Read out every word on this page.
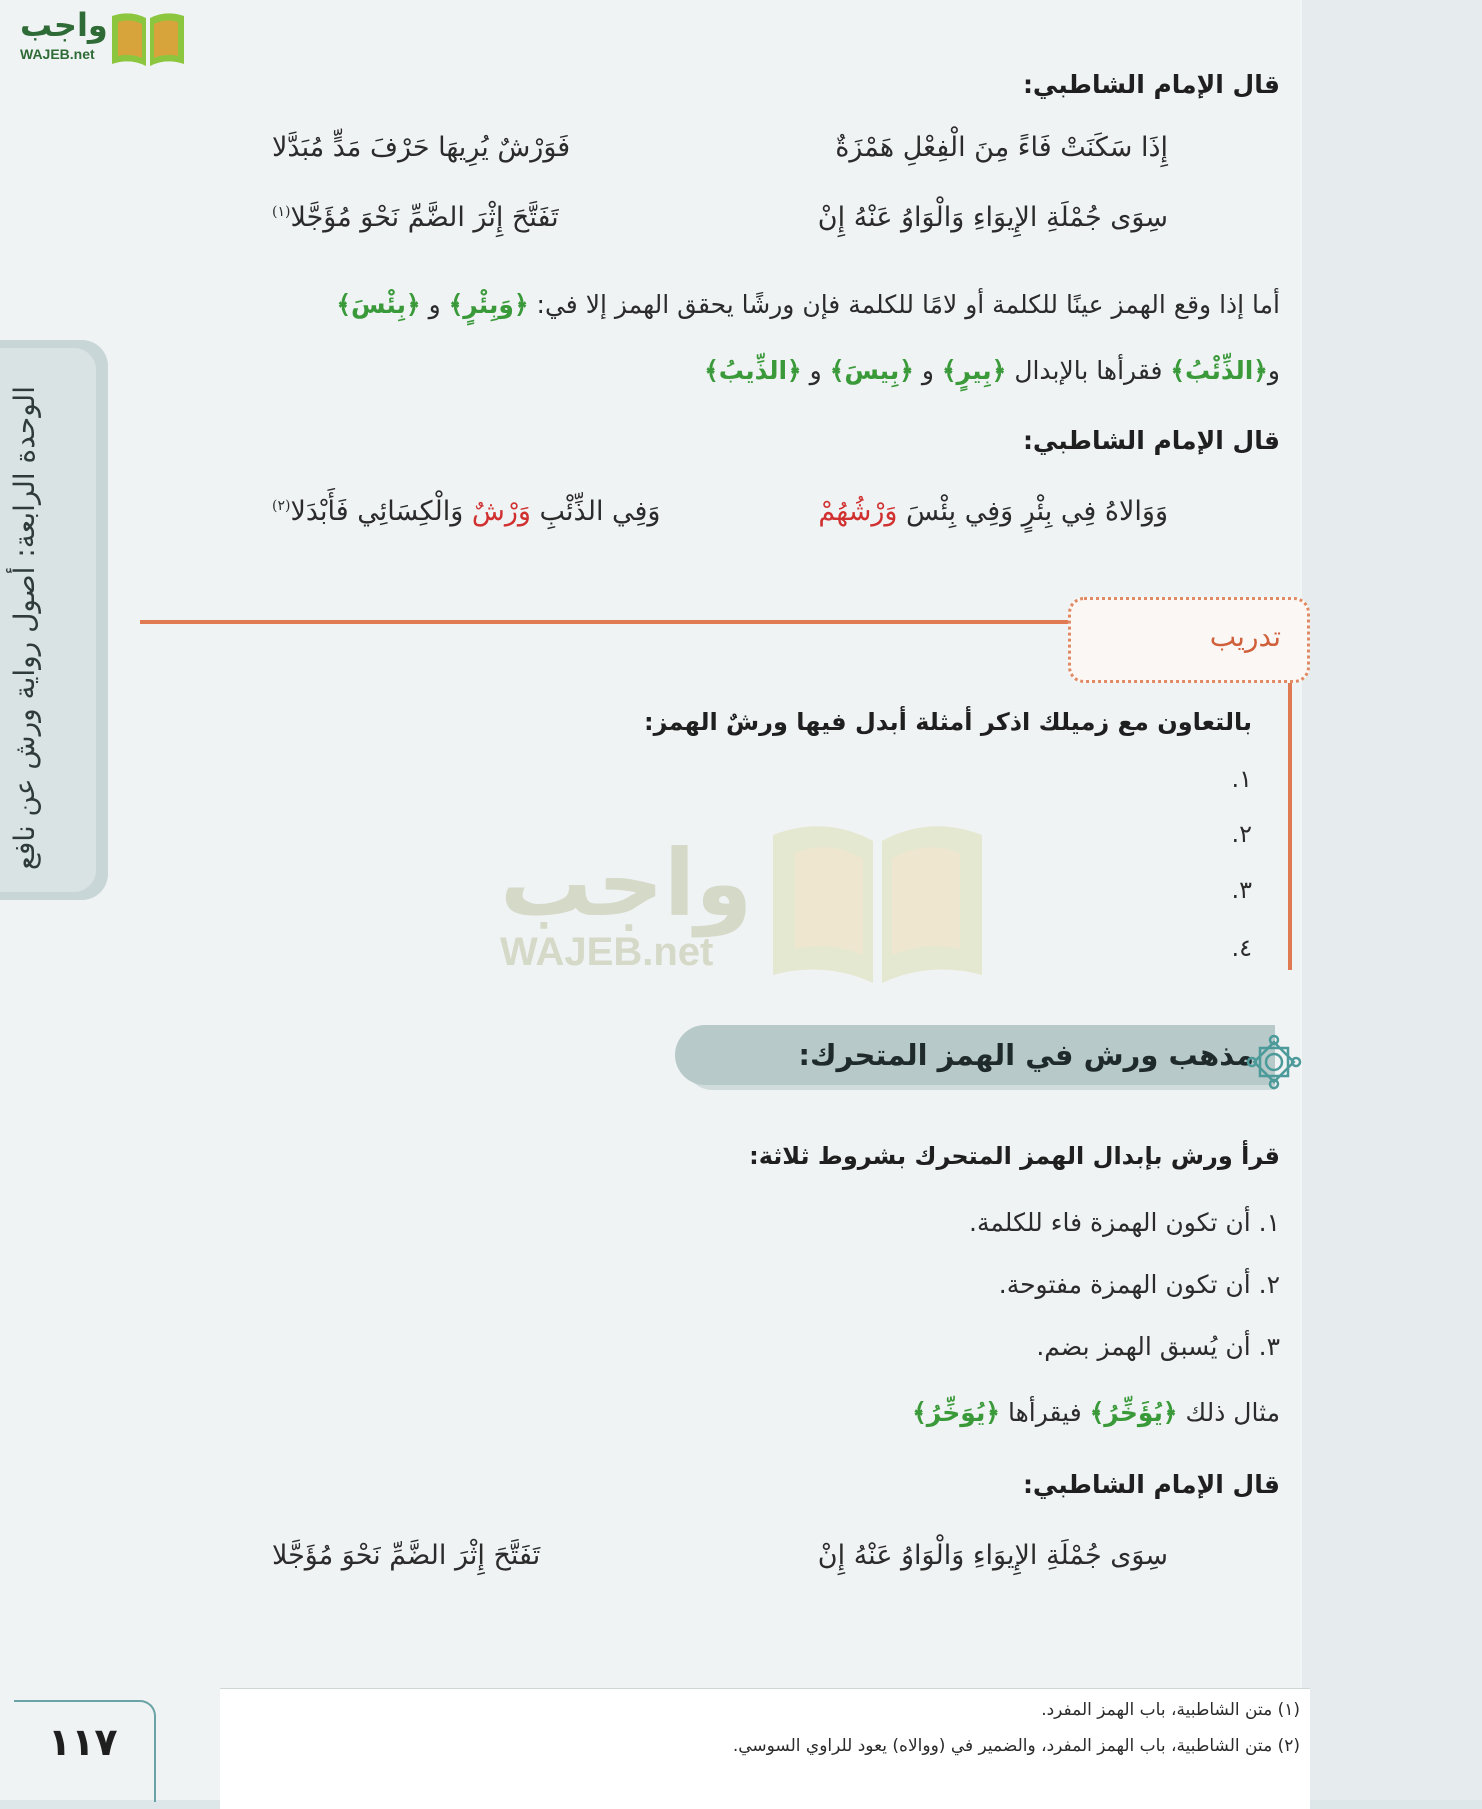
واجب
WAJEB.net
الوحدة الرابعة: أصول رواية ورش عن نافع
قال الإمام الشاطبي:
إِذَا سَكَنَتْ فَاءً مِنَ الْفِعْلِ هَمْزَةٌ
فَوَرْشٌ يُرِيهَا حَرْفَ مَدٍّ مُبَدَّلا
سِوَى جُمْلَةِ الإِيوَاءِ وَالْوَاوُ عَنْهُ إِنْ
تَفَتَّحَ إِثْرَ الضَّمِّ نَحْوَ مُؤَجَّلا$^{(١)}$
أما إذا وقع الهمز عينًا للكلمة أو لامًا للكلمة فإن ورشًا يحقق الهمز إلا في: ﴿وَبِئْرٍ﴾ و ﴿بِئْسَ﴾
و﴿الذِّئْبُ﴾ فقرأها بالإبدال ﴿بِيرٍ﴾ و ﴿بِيسَ﴾ و ﴿الذِّيبُ﴾
قال الإمام الشاطبي:
وَوَالاهُ فِي بِئْرٍ وَفِي بِئْسَ وَرْشُهُمْ
وَفِي الذِّئْبِ وَرْشٌ وَالْكِسَائِي فَأَبْدَلا$^{(٢)}$
تدريب
بالتعاون مع زميلك اذكر أمثلة أبدل فيها ورشٌ الهمز:
١.
٢.
٣.
٤.
واجب
WAJEB.net
مذهب ورش في الهمز المتحرك:
قرأ ورش بإبدال الهمز المتحرك بشروط ثلاثة:
١. أن تكون الهمزة فاء للكلمة.
٢. أن تكون الهمزة مفتوحة.
٣. أن يُسبق الهمز بضم.
مثال ذلك ﴿يُؤَخِّرُ﴾ فيقرأها ﴿يُوَخِّرُ﴾
قال الإمام الشاطبي:
سِوَى جُمْلَةِ الإِيوَاءِ وَالْوَاوُ عَنْهُ إِنْ
تَفَتَّحَ إِثْرَ الضَّمِّ نَحْوَ مُؤَجَّلا
(١) متن الشاطبية، باب الهمز المفرد.
(٢) متن الشاطبية، باب الهمز المفرد، والضمير في (ووالاه) يعود للراوي السوسي.
١١٧
